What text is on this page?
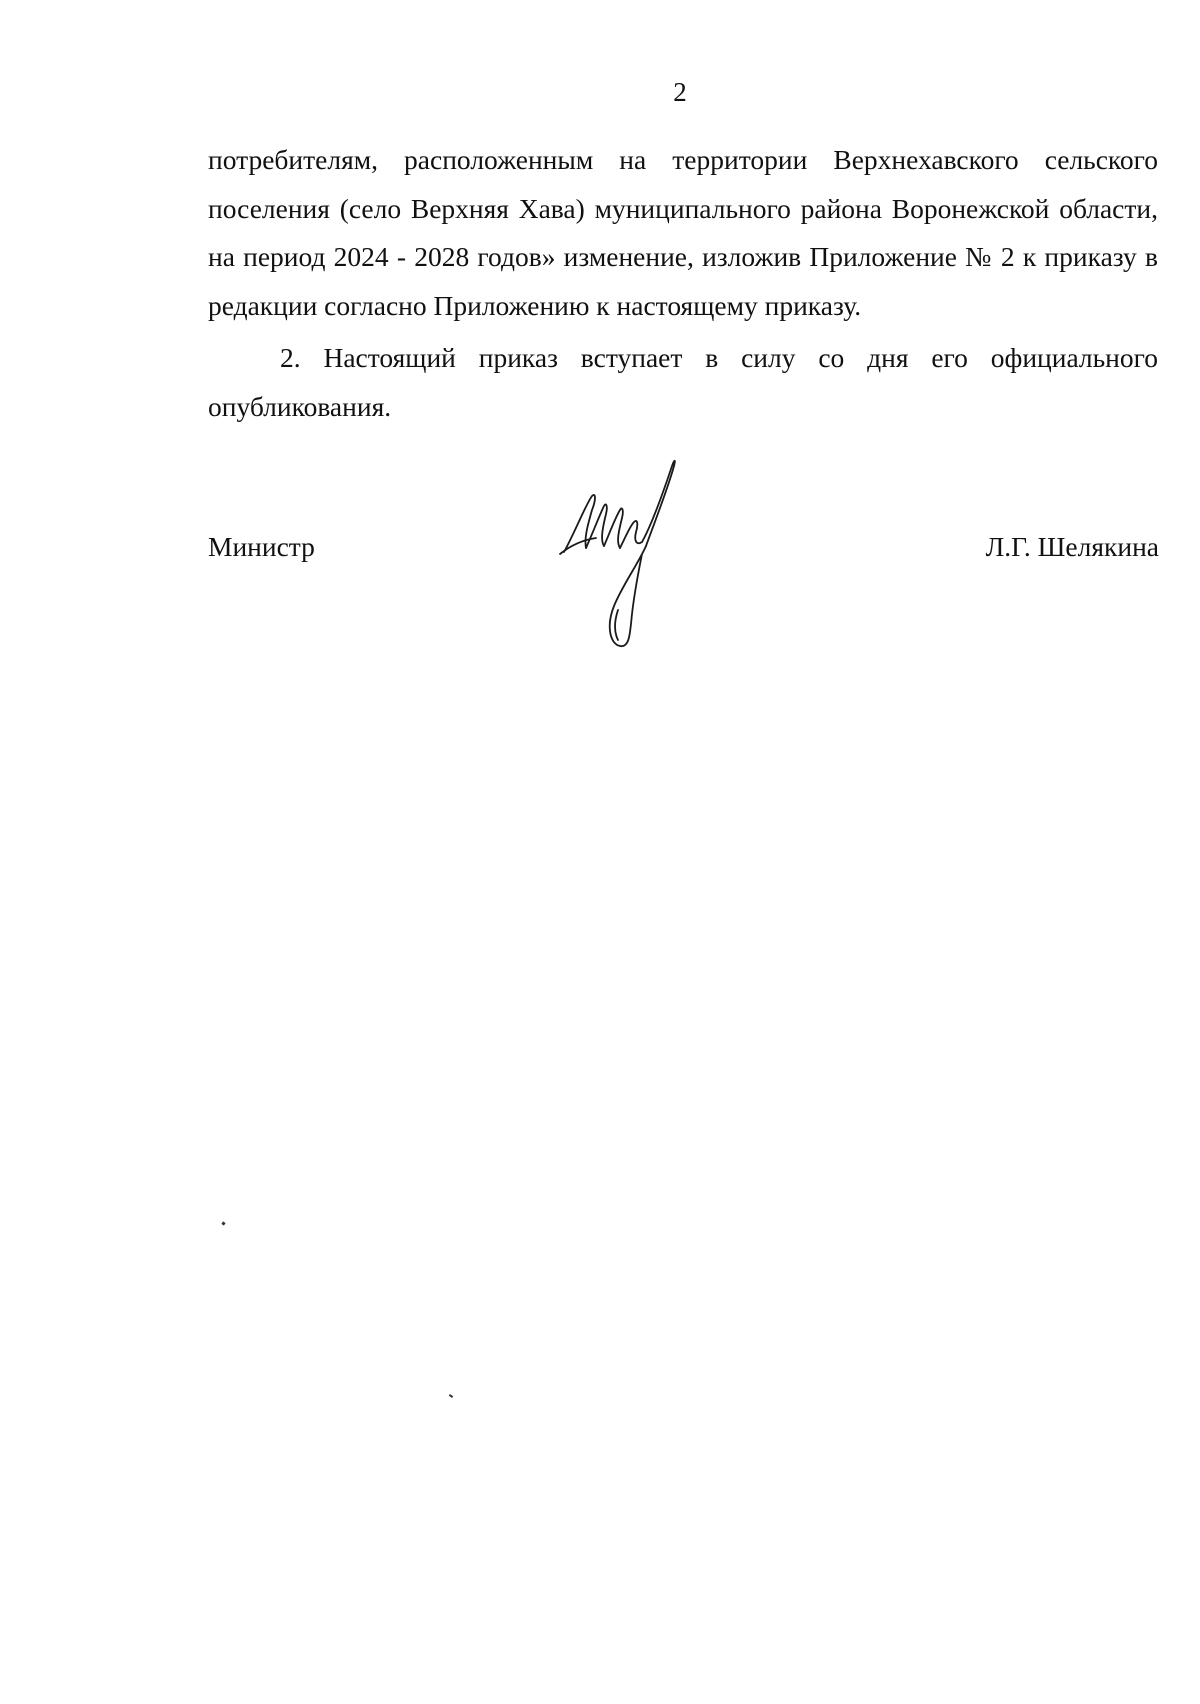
2

потребителям, расположенным на территории Верхнехавского сельского поселения (село Верхняя Хава) муниципального района Воронежской области, на период 2024 - 2028 годов» изменение, изложив Приложение № 2 к приказу в редакции согласно Приложению к настоящему приказу.

2. Настоящий приказ вступает в силу со дня его официального опубликования.

Министр	Л.Г. Шелякина
